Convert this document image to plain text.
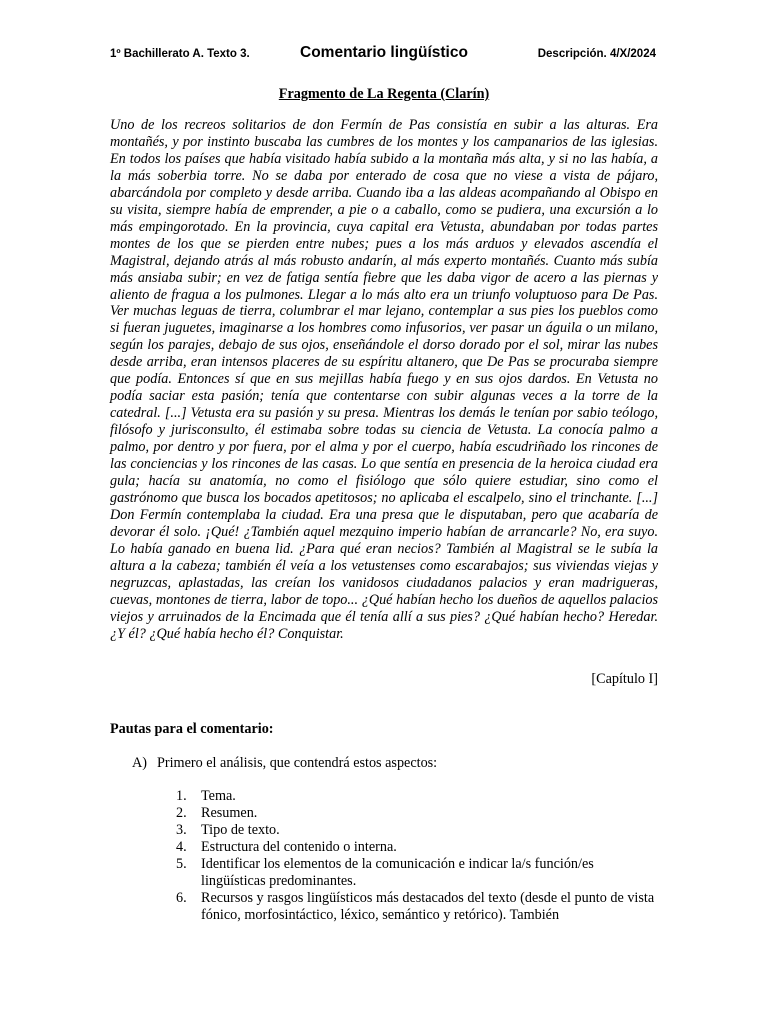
1º Bachillerato A. Texto 3.	Comentario lingüístico	Descripción. 4/X/2024
Fragmento de La Regenta (Clarín)

Uno de los recreos solitarios de don Fermín de Pas consistía en subir a las alturas. Era montañés, y por instinto buscaba las cumbres de los montes y los campanarios de las iglesias. En todos los países que había visitado había subido a la montaña más alta, y si no las había, a la más soberbia torre. No se daba por enterado de cosa que no viese a vista de pájaro, abarcándola por completo y desde arriba. Cuando iba a las aldeas acompañando al Obispo en su visita, siempre había de emprender, a pie o a caballo, como se pudiera, una excursión a lo más empingorotado. En la provincia, cuya capital era Vetusta, abundaban por todas partes montes de los que se pierden entre nubes; pues a los más arduos y elevados ascendía el Magistral, dejando atrás al más robusto andarín, al más experto montañés. Cuanto más subía más ansiaba subir; en vez de fatiga sentía fiebre que les daba vigor de acero a las piernas y aliento de fragua a los pulmones. Llegar a lo más alto era un triunfo voluptuoso para De Pas. Ver muchas leguas de tierra, columbrar el mar lejano, contemplar a sus pies los pueblos como si fueran juguetes, imaginarse a los hombres como infusorios, ver pasar un águila o un milano, según los parajes, debajo de sus ojos, enseñándole el dorso dorado por el sol, mirar las nubes desde arriba, eran intensos placeres de su espíritu altanero, que De Pas se procuraba siempre que podía. Entonces sí que en sus mejillas había fuego y en sus ojos dardos. En Vetusta no podía saciar esta pasión; tenía que contentarse con subir algunas veces a la torre de la catedral. [...] Vetusta era su pasión y su presa. Mientras los demás le tenían por sabio teólogo, filósofo y jurisconsulto, él estimaba sobre todas su ciencia de Vetusta. La conocía palmo a palmo, por dentro y por fuera, por el alma y por el cuerpo, había escudriñado los rincones de las conciencias y los rincones de las casas. Lo que sentía en presencia de la heroica ciudad era gula; hacía su anatomía, no como el fisiólogo que sólo quiere estudiar, sino como el gastrónomo que busca los bocados apetitosos; no aplicaba el escalpelo, sino el trinchante. [...] Don Fermín contemplaba la ciudad. Era una presa que le disputaban, pero que acabaría de devorar él solo. ¡Qué! ¿También aquel mezquino imperio habían de arrancarle? No, era suyo. Lo había ganado en buena lid. ¿Para qué eran necios? También al Magistral se le subía la altura a la cabeza; también él veía a los vetustenses como escarabajos; sus viviendas viejas y negruzcas, aplastadas, las creían los vanidosos ciudadanos palacios y eran madrigueras, cuevas, montones de tierra, labor de topo... ¿Qué habían hecho los dueños de aquellos palacios viejos y arruinados de la Encimada que él tenía allí a sus pies? ¿Qué habían hecho? Heredar. ¿Y él? ¿Qué había hecho él? Conquistar.

[Capítulo I]
Pautas para el comentario:
A) Primero el análisis, que contendrá estos aspectos:
1.	Tema.
2.	Resumen.
3.	Tipo de texto.
4.	Estructura del contenido o interna.
5.	Identificar los elementos de la comunicación e indicar la/s función/es lingüísticas predominantes.
6.	Recursos y rasgos lingüísticos más destacados del texto (desde el punto de vista fónico, morfosintáctico, léxico, semántico y retórico). También
